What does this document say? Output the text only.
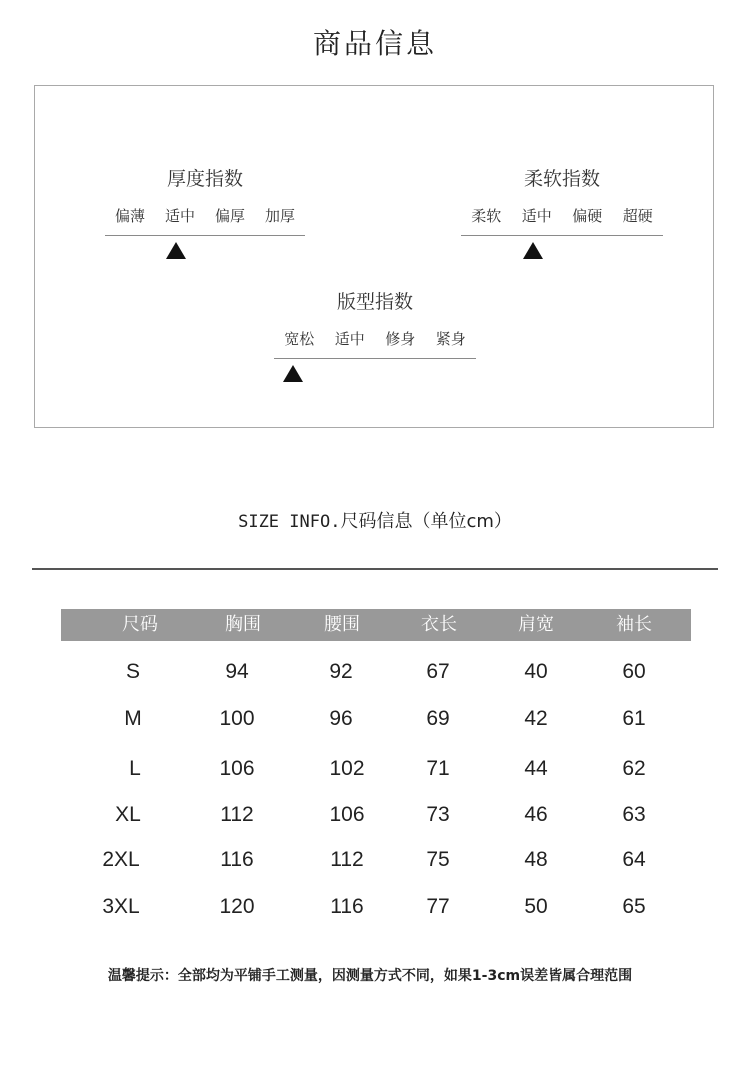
商品信息
厚度指数
偏薄 适中 偏厚 加厚
柔软指数
柔软 适中 偏硬 超硬
版型指数
宽松 适中 修身 紧身
SIZE INFO.尺码信息（单位cm）
尺码	胸围	腰围	衣长	肩宽	袖长
S	94	92	67	40	60
M	100	96	69	42	61
L	106	102	71	44	62
XL	112	106	73	46	63
2XL	116	112	75	48	64
3XL	120	116	77	50	65
温馨提示：全部均为平铺手工测量，因测量方式不同，如果1-3cm误差皆属合理范围
